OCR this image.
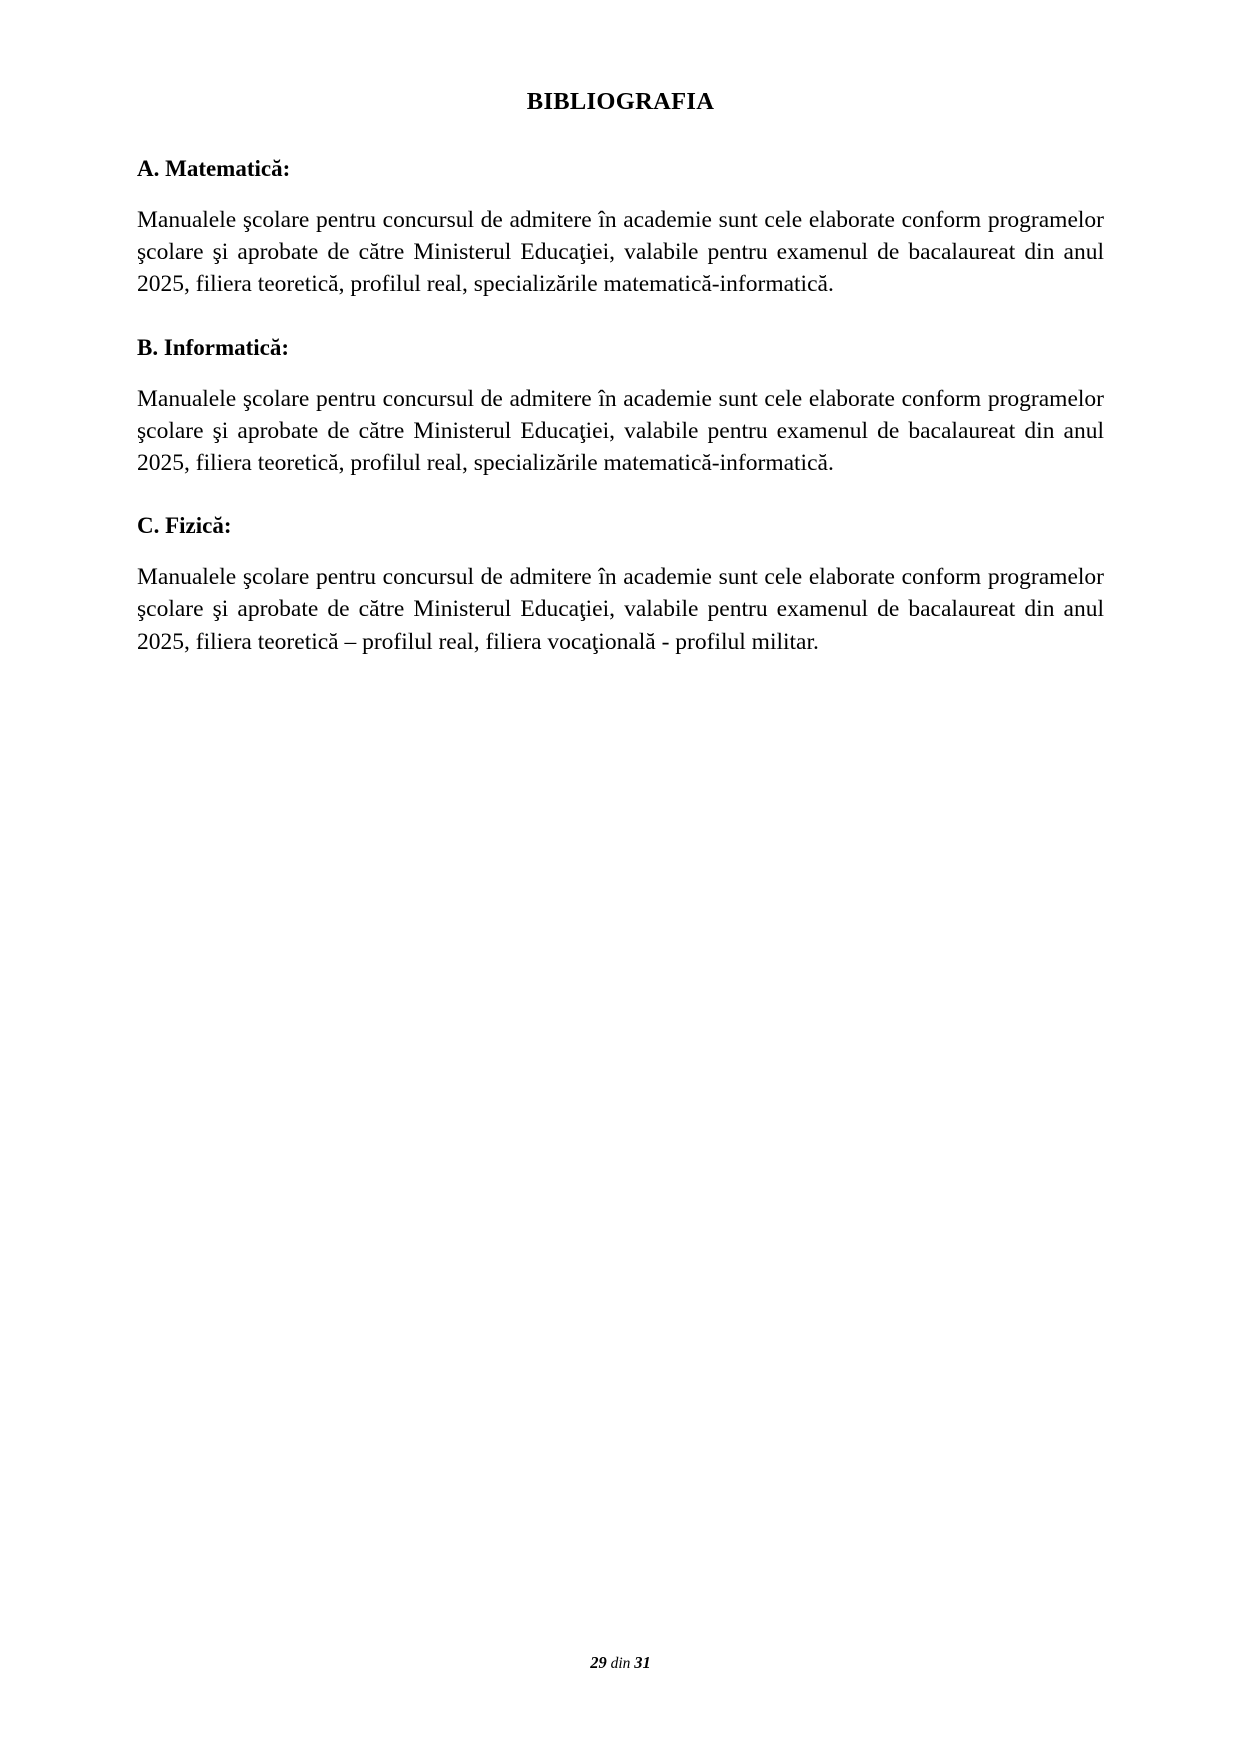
BIBLIOGRAFIA
A. Matematică:

Manualele şcolare pentru concursul de admitere în academie sunt cele elaborate conform programelor şcolare şi aprobate de către Ministerul Educaţiei, valabile pentru examenul de bacalaureat din anul 2025, filiera teoretică, profilul real, specializările matematică-informatică.

B. Informatică:

Manualele şcolare pentru concursul de admitere în academie sunt cele elaborate conform programelor şcolare şi aprobate de către Ministerul Educaţiei, valabile pentru examenul de bacalaureat din anul 2025, filiera teoretică, profilul real, specializările matematică-informatică.

C. Fizică:

Manualele şcolare pentru concursul de admitere în academie sunt cele elaborate conform programelor şcolare şi aprobate de către Ministerul Educaţiei, valabile pentru examenul de bacalaureat din anul 2025, filiera teoretică – profilul real, filiera vocaţională - profilul militar.

29 din 31
